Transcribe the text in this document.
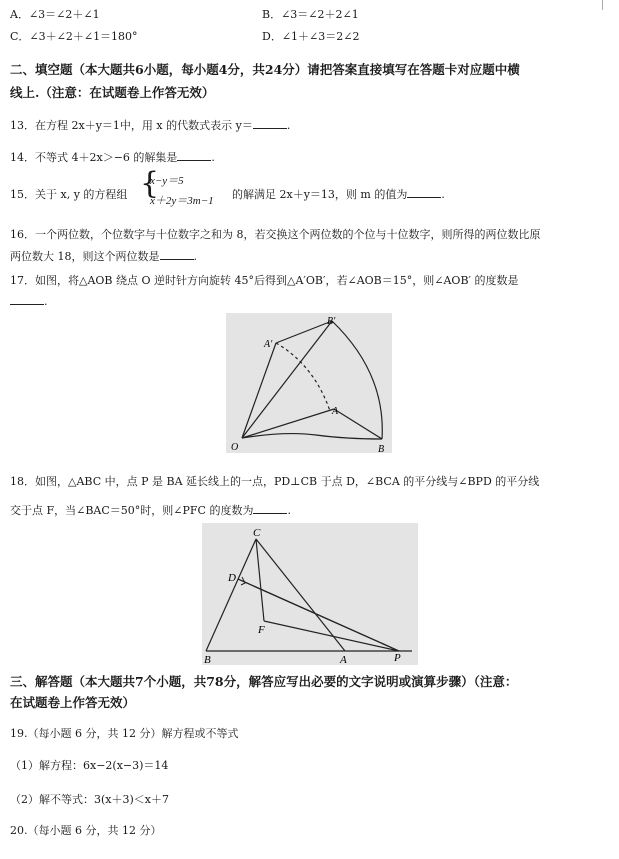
A．∠3＝∠2＋∠1	B．∠3＝∠2＋2∠1
C．∠3＋∠2＋∠1＝180°	D．∠1＋∠3＝2∠2
二、填空题（本大题共6小题，每小题4分，共24分）请把答案直接填写在答题卡对应题中横
线上.（注意：在试题卷上作答无效）
13．在方程 2x＋y＝1中，用 x 的代数式表示 y＝	.
14．不等式 4＋2x＞−6 的解集是	.
15．关于 x, y 的方程组 {
x−y＝5
x＋2y＝3m−1 的解满足 2x＋y＝13，则 m 的值为	.
16．一个两位数，个位数字与十位数字之和为 8，若交换这个两位数的个位与十位数字，则所得的两位数比原
两位数大 18，则这个两位数是	.
17．如图，将△AOB 绕点 O 逆时针方向旋转 45°后得到△A′OB′，若∠AOB＝15°，则∠AOB′ 的度数是
.
B′
A′
A
O	B
18．如图，△ABC 中，点 P 是 BA 延长线上的一点，PD⊥CB 于点 D，∠BCA 的平分线与∠BPD 的平分线
交于点 F，当∠BAC＝50°时，则∠PFC 的度数为	.
C
D
F
B	A	P
三、解答题（本大题共7个小题，共78分，解答应写出必要的文字说明或演算步骤）（注意：
在试题卷上作答无效）
19.（每小题 6 分，共 12 分）解方程或不等式
（1）解方程：6x−2(x−3)＝14
（2）解不等式：3(x＋3)＜x＋7
20.（每小题 6 分，共 12 分）
